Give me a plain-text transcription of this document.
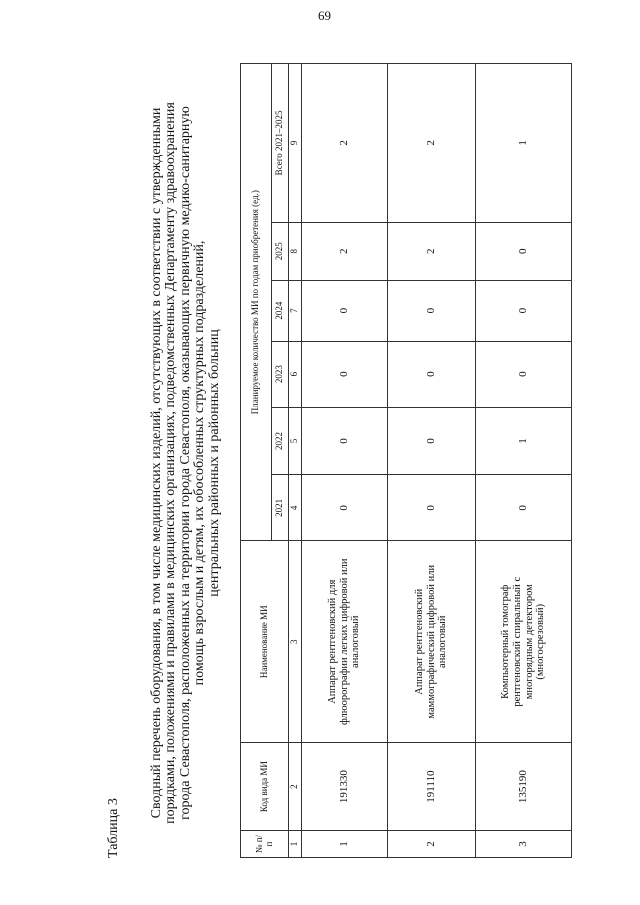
69
Таблица 3
Сводный перечень оборудования, в том числе медицинских изделий, отсутствующих в соответствии с утвержденными порядками, положениями и правилами в медицинских организациях, подведомственных Департаменту здравоохранения города Севастополя, расположенных на территории города Севастополя, оказывающих первичную медико-санитарную помощь взрослым и детям, их обособленных структурных подразделений, центральных районных и районных больниц
№ п/п	Код вида МИ	Наименование МИ	Планируемое количество МИ по годам приобретения (ед.)					
			2021	2022	2023	2024	2025	Всего 2021–2025
1	2	3	4	5	6	7	8	9
1	191330	Аппарат рентгеновский для флюорографии легких цифровой или аналоговый	0	0	0	0	2	2
2	191110	Аппарат рентгеновский маммографический цифровой или аналоговый	0	0	0	0	2	2
3	135190	Компьютерный томограф рентгеновский спиральный с многорядным детектором (многосрезовый)	0	1	0	0	0	1
